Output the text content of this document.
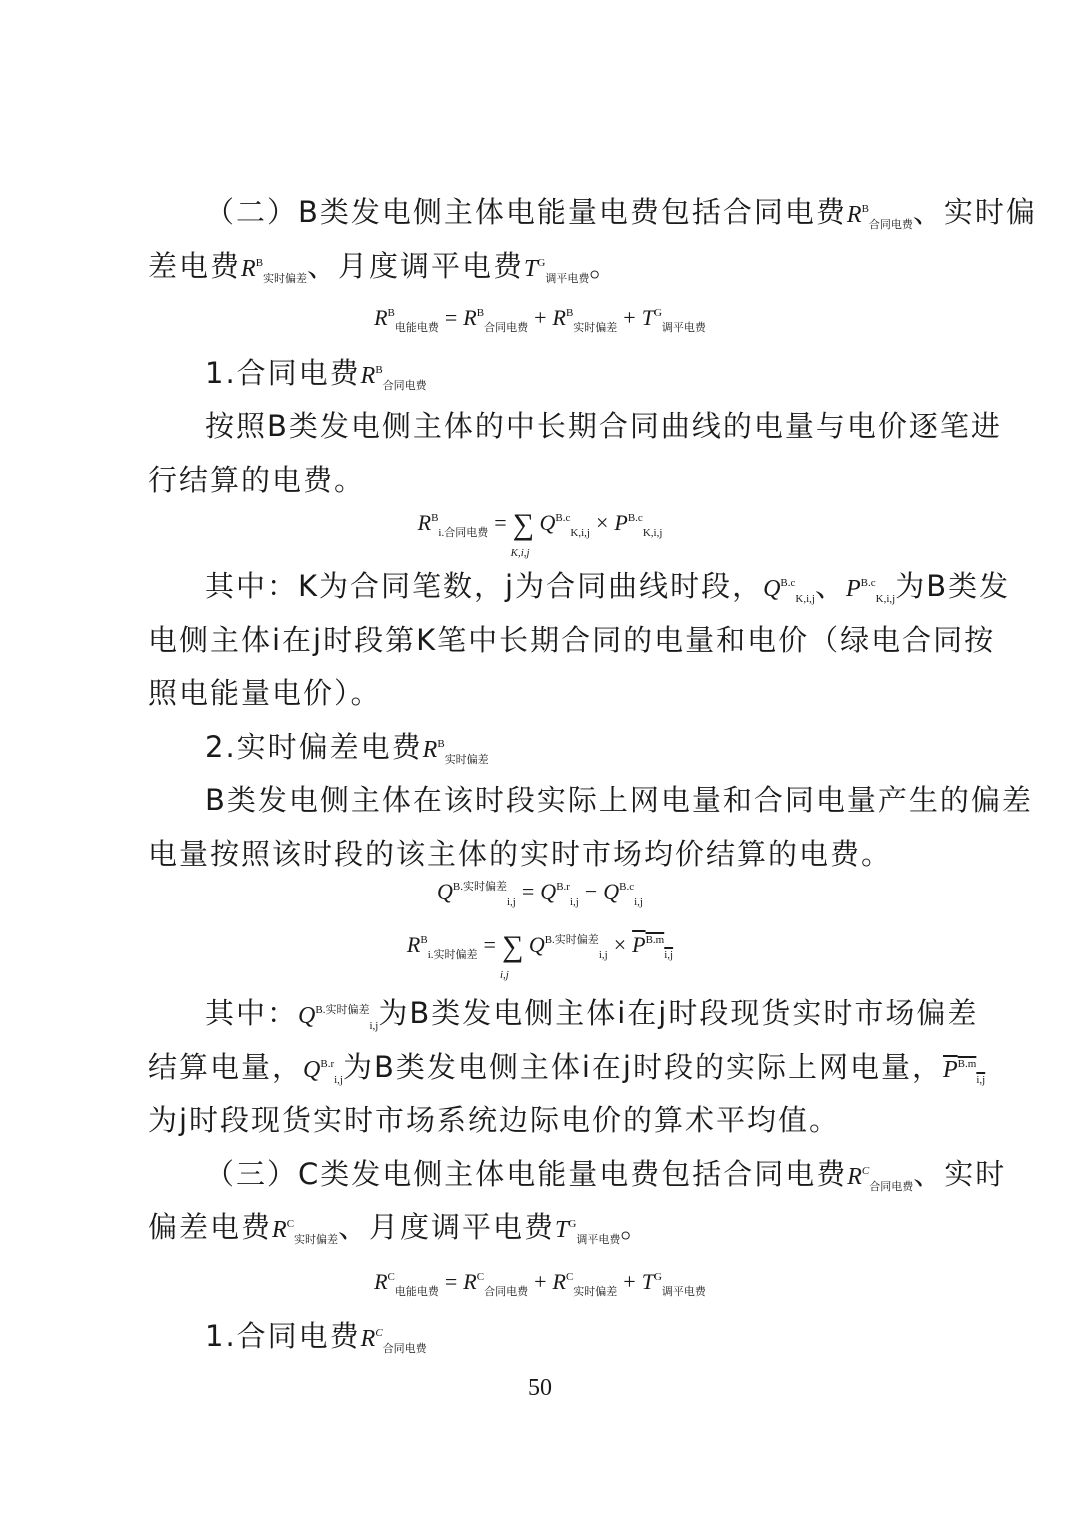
（二）B类发电侧主体电能量电费包括合同电费$R^B_{合同电费}$、实时偏
差电费$R^B_{实时偏差}$、月度调平电费$T^G_{调平电费}$。
$R^B_{电能电费} = R^B_{合同电费} + R^B_{实时偏差} + T^G_{调平电费}$
1.合同电费$R^B_{合同电费}$
按照B类发电侧主体的中长期合同曲线的电量与电价逐笔进
行结算的电费。
$R^B_{i.合同电费}$ = ∑
K,i,j
$Q^{B.c}_{K,i,j} \times P^{B.c}_{K,i,j}$
其中：K为合同笔数，j为合同曲线时段，$Q^{B.c}_{K,i,j}$、$P^{B.c}_{K,i,j}$为B类发
电侧主体i在j时段第K笔中长期合同的电量和电价（绿电合同按
照电能量电价）。
2.实时偏差电费$R^B_{实时偏差}$
B类发电侧主体在该时段实际上网电量和合同电量产生的偏差
电量按照该时段的该主体的实时市场均价结算的电费。
$Q^{B.实时偏差}_{i,j} = Q^{B.r}_{i,j} - Q^{B.c}_{i,j}$
$R^B_{i.实时偏差}$ = ∑
i,j
$Q^{B.实时偏差}_{i,j} \times P^{B.m}_{i,j}$
其中：$Q^{B.实时偏差}_{i,j}$为B类发电侧主体i在j时段现货实时市场偏差
结算电量，$Q^{B.r}_{i,j}$为B类发电侧主体i在j时段的实际上网电量，$P^{B.m}_{i,j}$
为j时段现货实时市场系统边际电价的算术平均值。
（三）C类发电侧主体电能量电费包括合同电费$R^C_{合同电费}$、实时
偏差电费$R^C_{实时偏差}$、月度调平电费$T^G_{调平电费}$。
$R^C_{电能电费} = R^C_{合同电费} + R^C_{实时偏差} + T^G_{调平电费}$
1.合同电费$R^C_{合同电费}$
50
